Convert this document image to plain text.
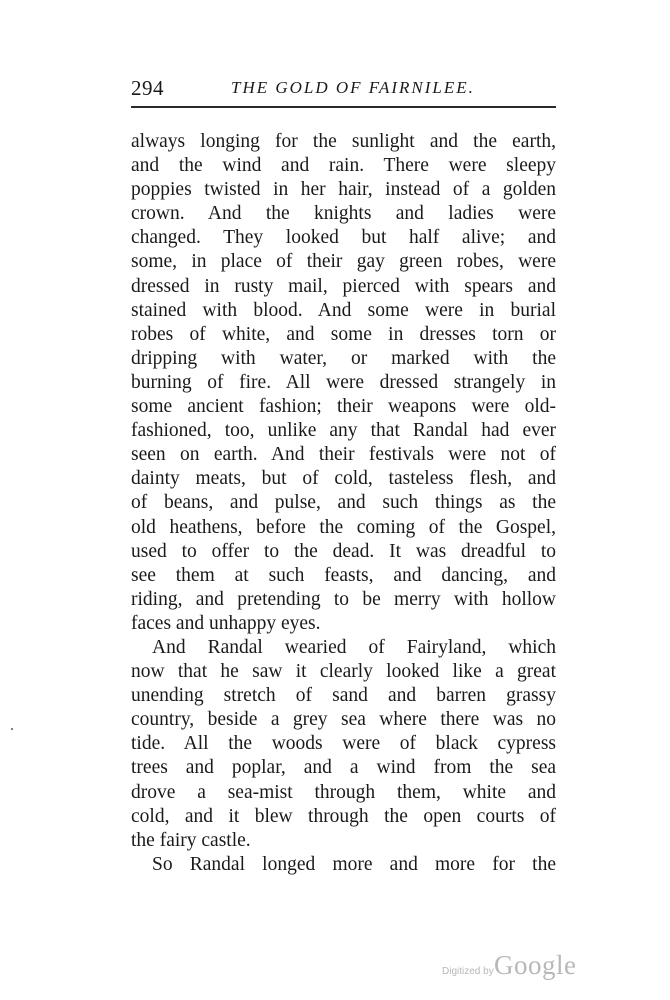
294	THE GOLD OF FAIRNILEE.
always longing for the sunlight and the earth,
and the wind and rain. There were sleepy
poppies twisted in her hair, instead of a golden
crown. And the knights and ladies were
changed. They looked but half alive; and
some, in place of their gay green robes, were
dressed in rusty mail, pierced with spears and
stained with blood. And some were in burial
robes of white, and some in dresses torn or
dripping with water, or marked with the
burning of fire. All were dressed strangely in
some ancient fashion; their weapons were old-
fashioned, too, unlike any that Randal had ever
seen on earth. And their festivals were not of
dainty meats, but of cold, tasteless flesh, and
of beans, and pulse, and such things as the
old heathens, before the coming of the Gospel,
used to offer to the dead. It was dreadful to
see them at such feasts, and dancing, and
riding, and pretending to be merry with hollow
faces and unhappy eyes.
And Randal wearied of Fairyland, which
now that he saw it clearly looked like a great
unending stretch of sand and barren grassy
country, beside a grey sea where there was no
tide. All the woods were of black cypress
trees and poplar, and a wind from the sea
drove a sea-mist through them, white and
cold, and it blew through the open courts of
the fairy castle.
So Randal longed more and more for the
Digitized by Google
